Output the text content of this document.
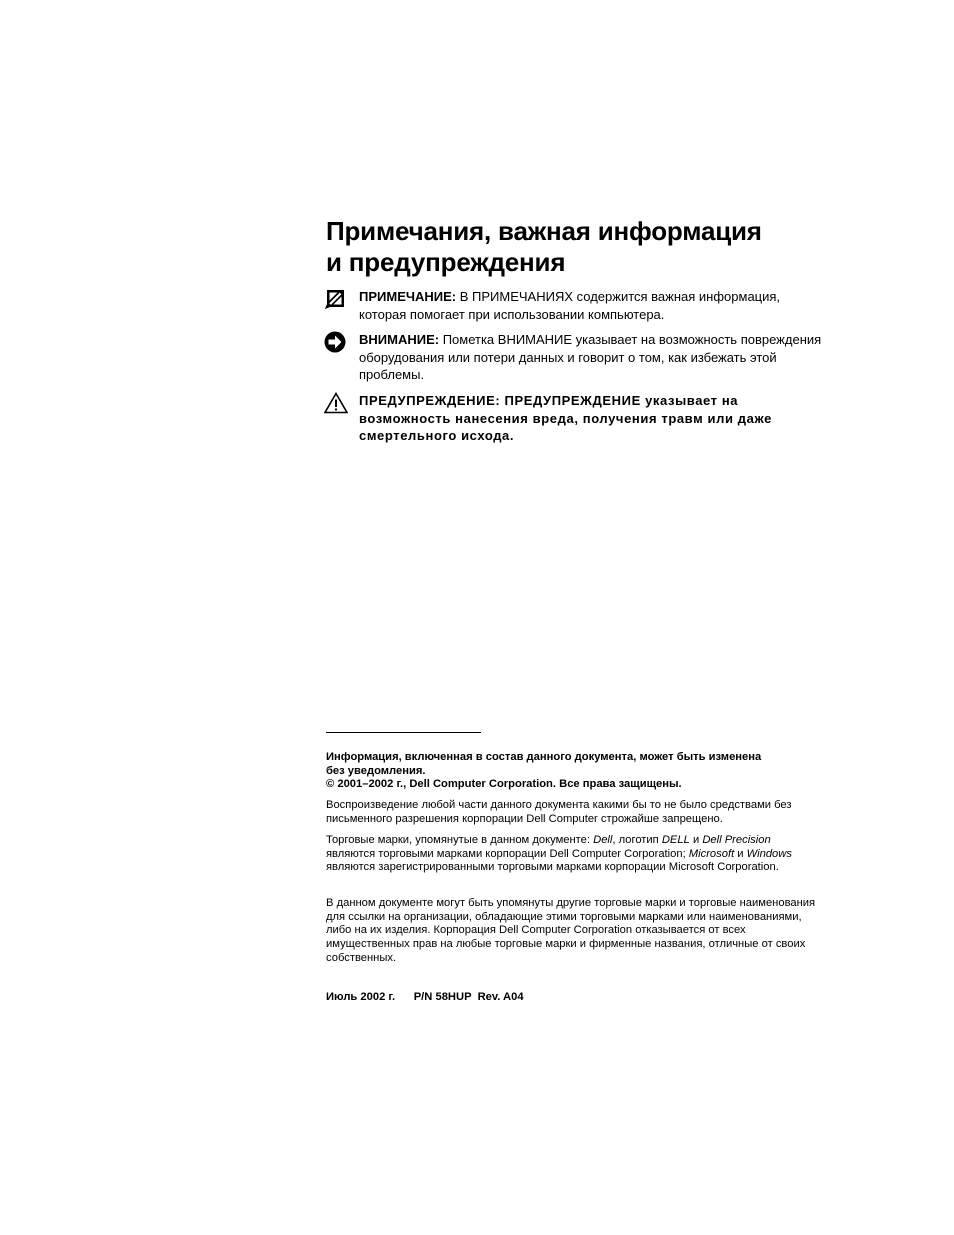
Примечания, важная информация
и предупреждения
ПРИМЕЧАНИЕ: В ПРИМЕЧАНИЯХ содержится важная информация, которая помогает при использовании компьютера.
ВНИМАНИЕ: Пометка ВНИМАНИЕ указывает на возможность повреждения оборудования или потери данных и говорит о том, как избежать этой проблемы.
ПРЕДУПРЕЖДЕНИЕ: ПРЕДУПРЕЖДЕНИЕ указывает на возможность нанесения вреда, получения травм или даже смертельного исхода.

Информация, включенная в состав данного документа, может быть изменена

без уведомления.

© 2001–2002 г., Dell Computer Corporation. Все права защищены.

Воспроизведение любой части данного документа какими бы то не было средствами без письменного разрешения корпорации Dell Computer строжайше запрещено.

Торговые марки, упомянутые в данном документе: Dell, логотип DELL и Dell Precision являются торговыми марками корпорации Dell Computer Corporation; Microsoft и Windows являются зарегистрированными торговыми марками корпорации Microsoft Corporation.

В данном документе могут быть упомянуты другие торговые марки и торговые наименования для ссылки на организации, обладающие этими торговыми марками или наименованиями, либо на их изделия. Корпорация Dell Computer Corporation отказывается от всех имущественных прав на любые торговые марки и фирменные названия, отличные от своих собственных.

Июль 2002 г. P/N 58HUP Rev. A04
